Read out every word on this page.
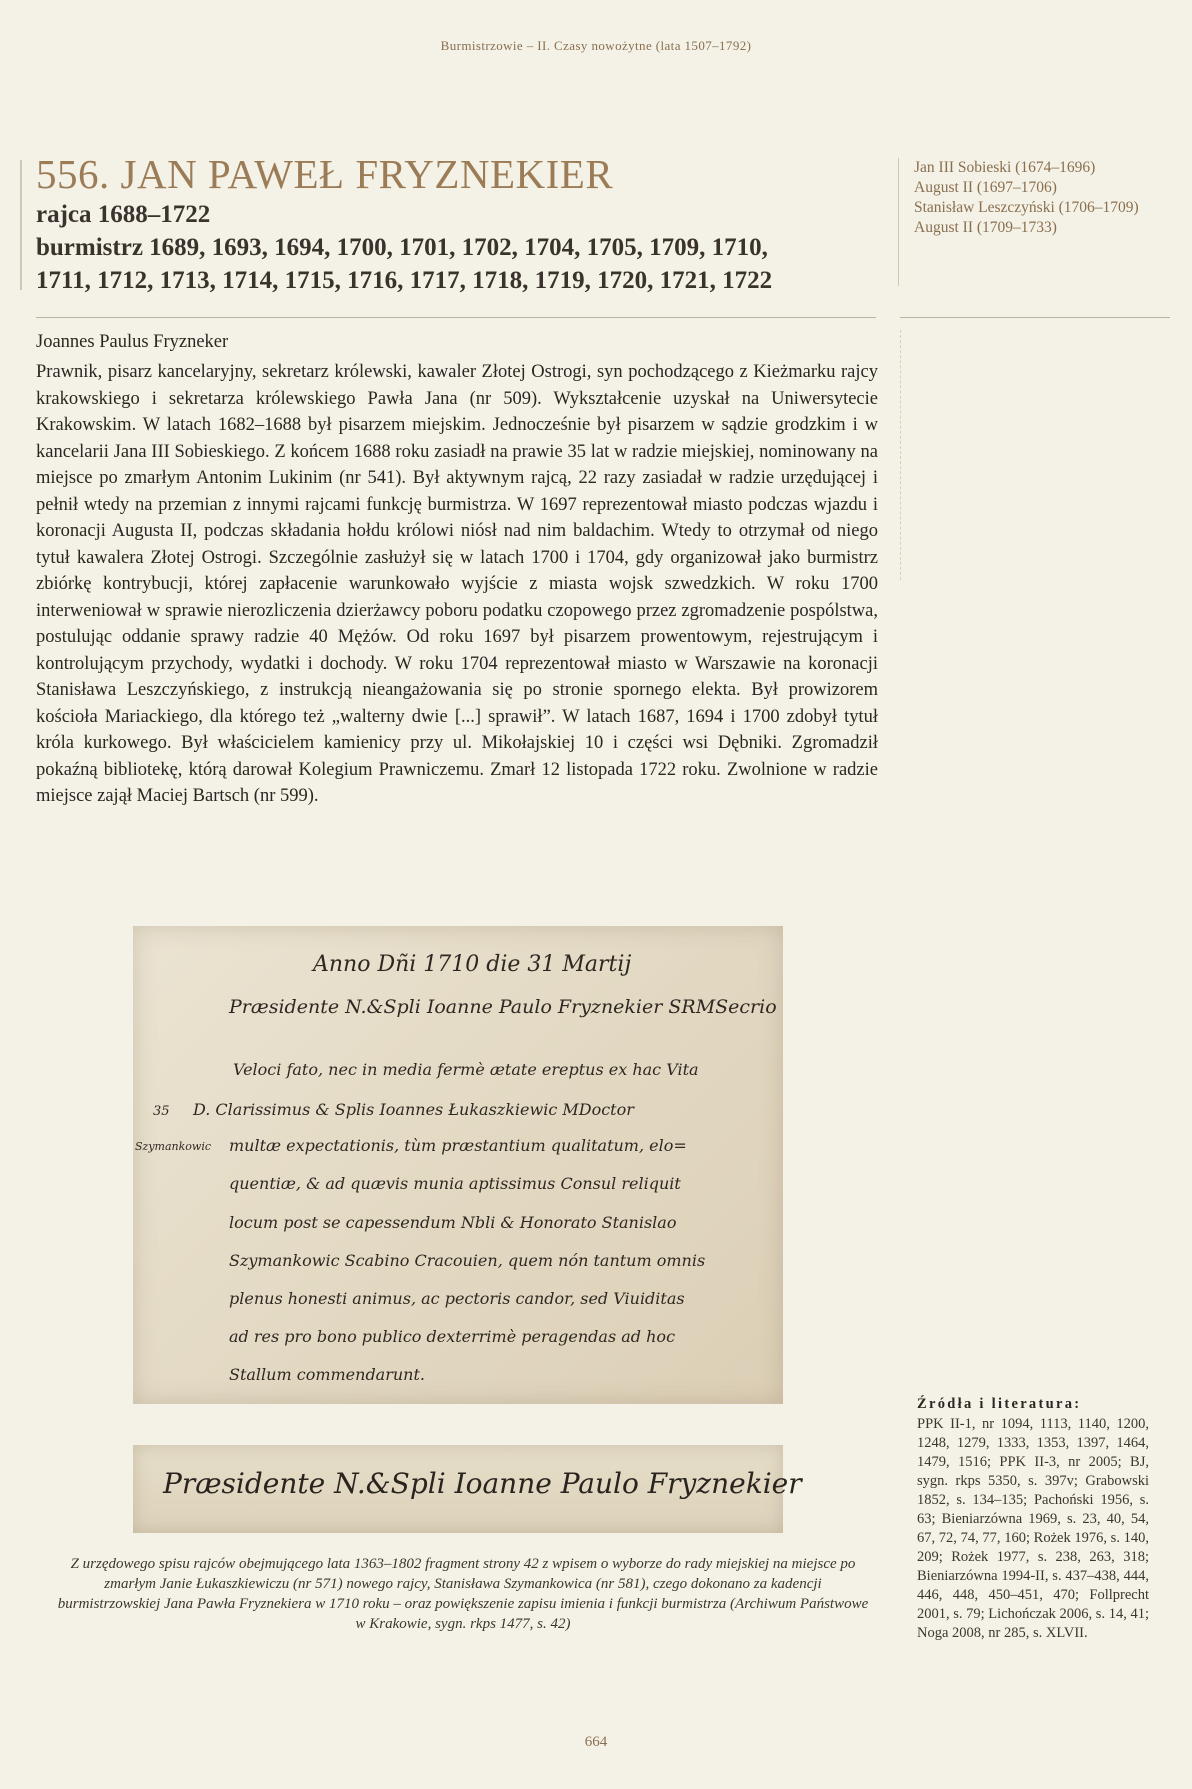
Burmistrzowie – II. Czasy nowożytne (lata 1507–1792)
556. JAN PAWEŁ FRYZNEKIER
rajca 1688–1722
burmistrz 1689, 1693, 1694, 1700, 1701, 1702, 1704, 1705, 1709, 1710,
1711, 1712, 1713, 1714, 1715, 1716, 1717, 1718, 1719, 1720, 1721, 1722
Jan III Sobieski (1674–1696)
August II (1697–1706)
Stanisław Leszczyński (1706–1709)
August II (1709–1733)
Joannes Paulus Fryzneker

Prawnik, pisarz kancelaryjny, sekretarz królewski, kawaler Złotej Ostrogi, syn pochodzącego z Kieżmarku rajcy krakowskiego i sekretarza królewskiego Pawła Jana (nr 509). Wykształcenie uzyskał na Uniwersytecie Krakowskim. W latach 1682–1688 był pisarzem miejskim. Jednocześnie był pisarzem w sądzie grodzkim i w kancelarii Jana III Sobieskiego. Z końcem 1688 roku zasiadł na prawie 35 lat w radzie miejskiej, nominowany na miejsce po zmarłym Antonim Lukinim (nr 541). Był aktywnym rajcą, 22 razy zasiadał w radzie urzędującej i pełnił wtedy na przemian z innymi rajcami funkcję burmistrza. W 1697 reprezentował miasto podczas wjazdu i koronacji Augusta II, podczas składania hołdu królowi niósł nad nim baldachim. Wtedy to otrzymał od niego tytuł kawalera Złotej Ostrogi. Szczególnie zasłużył się w latach 1700 i 1704, gdy organizował jako burmistrz zbiórkę kontrybucji, której zapłacenie warunkowało wyjście z miasta wojsk szwedzkich. W roku 1700 interweniował w sprawie nierozliczenia dzierżawcy poboru podatku czopowego przez zgromadzenie pospólstwa, postulując oddanie sprawy radzie 40 Mężów. Od roku 1697 był pisarzem prowentowym, rejestrującym i kontrolującym przychody, wydatki i dochody. W roku 1704 reprezentował miasto w Warszawie na koronacji Stanisława Leszczyńskiego, z instrukcją nieangażowania się po stronie spornego elekta. Był prowizorem kościoła Mariackiego, dla którego też „walterny dwie [...] sprawił”. W latach 1687, 1694 i 1700 zdobył tytuł króla kurkowego. Był właścicielem kamienicy przy ul. Mikołajskiej 10 i części wsi Dębniki. Zgromadził pokaźną bibliotekę, którą darował Kolegium Prawniczemu. Zmarł 12 listopada 1722 roku. Zwolnione w radzie miejsce zajął Maciej Bartsch (nr 599).

Anno Dñi 1710 die 31 Martij
Præsidente N.&Spli Ioanne Paulo Fryznekier SRMSecrio
Veloci fato, nec in media fermè ætate ereptus ex hac Vita
35 D. Clarissimus & Splis Ioannes Łukaszkiewic MDoctor
Szymankowic multæ expectationis, tùm præstantium qualitatum, elo=
quentiæ, & ad quævis munia aptissimus Consul reliquit
locum post se capessendum Nbli & Honorato Stanislao
Szymankowic Scabino Cracouien, quem nón tantum omnis
plenus honesti animus, ac pectoris candor, sed Viuiditas
ad res pro bono publico dexterrimè peragendas ad hoc
Stallum commendarunt.
Præsidente N.&Spli Ioanne Paulo Fryznekier
Z urzędowego spisu rajców obejmującego lata 1363–1802 fragment strony 42 z wpisem o wyborze do rady miejskiej na miejsce po zmarłym Janie Łukaszkiewiczu (nr 571) nowego rajcy, Stanisława Szymankowica (nr 581), czego dokonano za kadencji burmistrzowskiej Jana Pawła Fryznekiera w 1710 roku – oraz powiększenie zapisu imienia i funkcji burmistrza (Archiwum Państwowe w Krakowie, sygn. rkps 1477, s. 42)
Źródła i literatura:
PPK II-1, nr 1094, 1113, 1140, 1200, 1248, 1279, 1333, 1353, 1397, 1464, 1479, 1516; PPK II-3, nr 2005; BJ, sygn. rkps 5350, s. 397v; Grabowski 1852, s. 134–135; Pachoński 1956, s. 63; Bieniarzówna 1969, s. 23, 40, 54, 67, 72, 74, 77, 160; Rożek 1976, s. 140, 209; Rożek 1977, s. 238, 263, 318; Bieniarzówna 1994-II, s. 437–438, 444, 446, 448, 450–451, 470; Follprecht 2001, s. 79; Lichończak 2006, s. 14, 41; Noga 2008, nr 285, s. XLVII.
664
